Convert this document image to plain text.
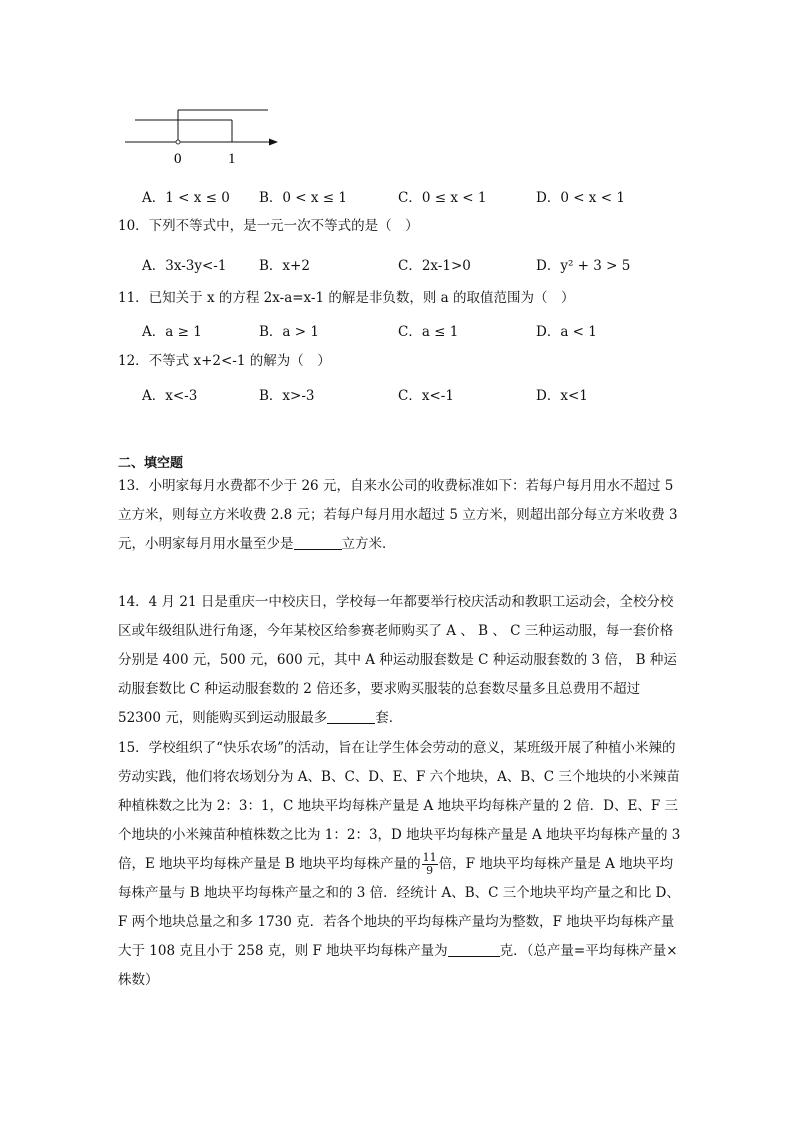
0	1
A．1 < x ≤ 0 B．0 < x ≤ 1	C．0 ≤ x < 1	D．0 < x < 1
10．下列不等式中，是一元一次不等式的是（　）
A．3x-3y<-1 B．x+2	C．2x-1>0	D．y² + 3 > 5
11．已知关于 x 的方程 2x-a=x-1 的解是非负数，则 a 的取值范围为（　）
A．a ≥ 1	B．a > 1	C．a ≤ 1	D．a < 1
12．不等式 x+2<-1 的解为（　）
A．x<-3	B．x>-3	C．x<-1	D．x<1
二、填空题
13．小明家每月水费都不少于 26 元，自来水公司的收费标准如下：若每户每月用水不超过 5 立方米，则每立方米收费 2.8 元；若每户每月用水超过 5 立方米，则超出部分每立方米收费 3 元，小明家每月用水量至少是	立方米．
14．4 月 21 日是重庆一中校庆日，学校每一年都要举行校庆活动和教职工运动会，全校分校区或年级组队进行角逐，今年某校区给参赛老师购买了 A 、 B 、 C 三种运动服，每一套价格分别是 400 元，500 元，600 元，其中 A 种运动服套数是 C 种运动服套数的 3 倍， B 种运动服套数比 C 种运动服套数的 2 倍还多，要求购买服装的总套数尽量多且总费用不超过 52300 元，则能购买到运动服最多	套．
15．学校组织了“快乐农场”的活动，旨在让学生体会劳动的意义，某班级开展了种植小米辣的劳动实践，他们将农场划分为 A、B、C、D、E、F 六个地块，A、B、C 三个地块的小米辣苗种植株数之比为 2：3：1，C 地块平均每株产量是 A 地块平均每株产量的 2 倍．D、E、F 三个地块的小米辣苗种植株数之比为 1：2：3，D 地块平均每株产量是 A 地块平均每株产量的 3 倍，E 地块平均每株产量是 B 地块平均每株产量的 $\frac{11}{9}$ 倍，F 地块平均每株产量是 A 地块平均每株产量与 B 地块平均每株产量之和的 3 倍．经统计 A、B、C 三个地块平均产量之和比 D、F 两个地块总量之和多 1730 克．若各个地块的平均每株产量均为整数，F 地块平均每株产量大于 108 克且小于 258 克，则 F 地块平均每株产量为	克．（总产量=平均每株产量×株数）
